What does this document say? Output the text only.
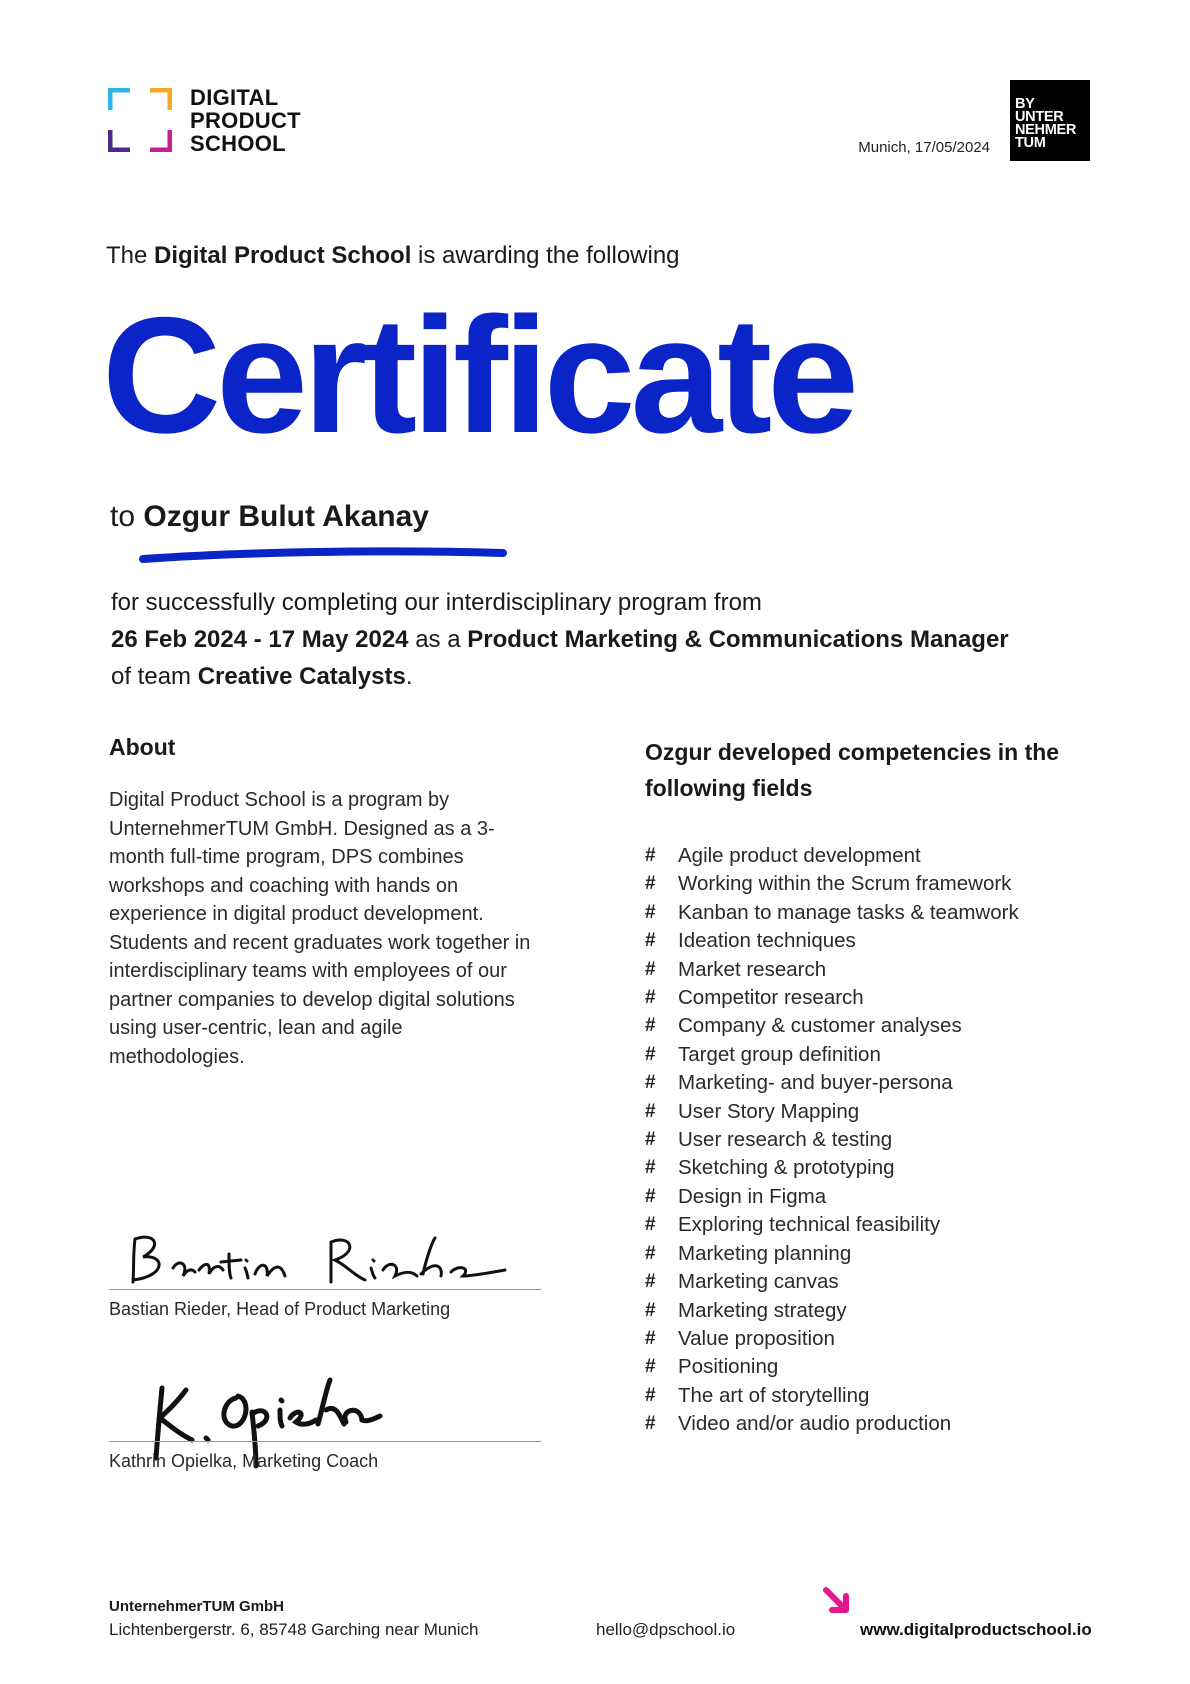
DIGITAL
PRODUCT
SCHOOL	Munich, 17/05/2024
BY
UNTER
NEHMER
TUM
The Digital Product School is awarding the following
Certificate
to Ozgur Bulut Akanay
for successfully completing our interdisciplinary program from
26 Feb 2024 - 17 May 2024 as a Product Marketing & Communications Manager
of team Creative Catalysts.
About
Digital Product School is a program by UnternehmerTUM GmbH. Designed as a 3-month full-time program, DPS combines workshops and coaching with hands on experience in digital product development. Students and recent graduates work together in interdisciplinary teams with employees of our partner companies to develop digital solutions using user-centric, lean and agile methodologies.
Ozgur developed competencies in the following fields
#	Agile product development
#	Working within the Scrum framework
#	Kanban to manage tasks & teamwork
#	Ideation techniques
#	Market research
#	Competitor research
#	Company & customer analyses
#	Target group definition
#	Marketing- and buyer-persona
#	User Story Mapping
#	User research & testing
#	Sketching & prototyping
#	Design in Figma
#	Exploring technical feasibility
#	Marketing planning
#	Marketing canvas
#	Marketing strategy
#	Value proposition
#	Positioning
#	The art of storytelling
#	Video and/or audio production
Bastian Rieder, Head of Product Marketing
Kathrin Opielka, Marketing Coach
UnternehmerTUM GmbH
Lichtenbergerstr. 6, 85748 Garching near Munich	hello@dpschool.io	www.digitalproductschool.io
